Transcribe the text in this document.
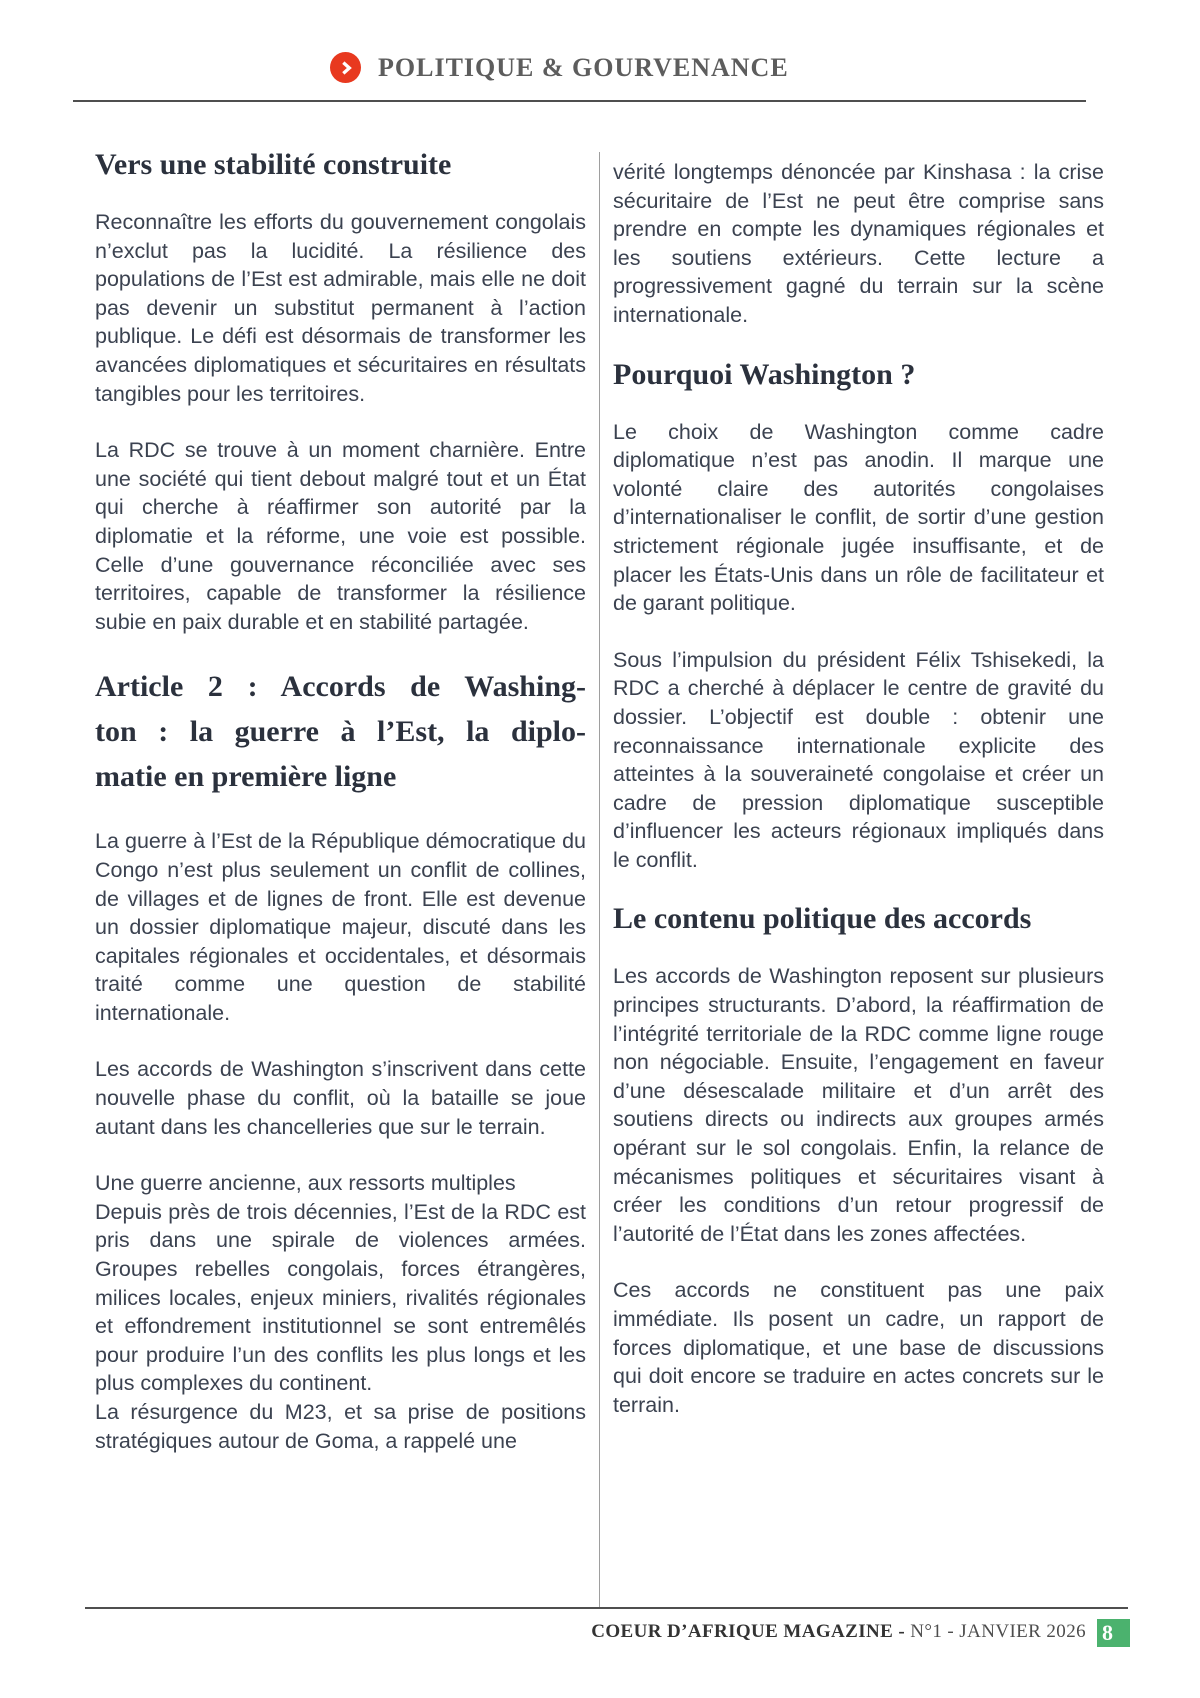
POLITIQUE & GOURVENANCE
Vers une stabilité construite

Reconnaître les efforts du gouvernement congolais n’exclut pas la lucidité. La résilience des populations de l’Est est admirable, mais elle ne doit pas devenir un substitut permanent à l’action publique. Le défi est désormais de transformer les avancées diplomatiques et sécuritaires en résultats tangibles pour les territoires.

La RDC se trouve à un moment charnière. Entre une société qui tient debout malgré tout et un État qui cherche à réaffirmer son autorité par la diplomatie et la réforme, une voie est possible. Celle d’une gouvernance réconciliée avec ses territoires, capable de transformer la résilience subie en paix durable et en stabilité partagée.

Article 2 : Accords de Washing-
ton : la guerre à l’Est, la diplo-
matie en première ligne

La guerre à l’Est de la République démocratique du Congo n’est plus seulement un conflit de collines, de villages et de lignes de front. Elle est devenue un dossier diplomatique majeur, discuté dans les capitales régionales et occidentales, et désormais traité comme une question de stabilité internationale.

Les accords de Washington s’inscrivent dans cette nouvelle phase du conflit, où la bataille se joue autant dans les chancelleries que sur le terrain.

Une guerre ancienne, aux ressorts multiples

Depuis près de trois décennies, l’Est de la RDC est pris dans une spirale de violences armées. Groupes rebelles congolais, forces étrangères, milices locales, enjeux miniers, rivalités régionales et effondrement institutionnel se sont entremêlés pour produire l’un des conflits les plus longs et les plus complexes du continent.

La résurgence du M23, et sa prise de positions stratégiques autour de Goma, a rappelé une

vérité longtemps dénoncée par Kinshasa : la crise sécuritaire de l’Est ne peut être comprise sans prendre en compte les dynamiques régionales et les soutiens extérieurs. Cette lecture a progressivement gagné du terrain sur la scène internationale.

Pourquoi Washington ?

Le choix de Washington comme cadre diplomatique n’est pas anodin. Il marque une volonté claire des autorités congolaises d’internationaliser le conflit, de sortir d’une gestion strictement régionale jugée insuffisante, et de placer les États-Unis dans un rôle de facilitateur et de garant politique.

Sous l’impulsion du président Félix Tshisekedi, la RDC a cherché à déplacer le centre de gravité du dossier. L’objectif est double : obtenir une reconnaissance internationale explicite des atteintes à la souveraineté congolaise et créer un cadre de pression diplomatique susceptible d’influencer les acteurs régionaux impliqués dans le conflit.

Le contenu politique des accords

Les accords de Washington reposent sur plusieurs principes structurants. D’abord, la réaffirmation de l’intégrité territoriale de la RDC comme ligne rouge non négociable. Ensuite, l’engagement en faveur d’une désescalade militaire et d’un arrêt des soutiens directs ou indirects aux groupes armés opérant sur le sol congolais. Enfin, la relance de mécanismes politiques et sécuritaires visant à créer les conditions d’un retour progressif de l’autorité de l’État dans les zones affectées.

Ces accords ne constituent pas une paix immédiate. Ils posent un cadre, un rapport de forces diplomatique, et une base de discussions qui doit encore se traduire en actes concrets sur le terrain.

COEUR D’AFRIQUE MAGAZINE - N°1 - JANVIER 2026 8
